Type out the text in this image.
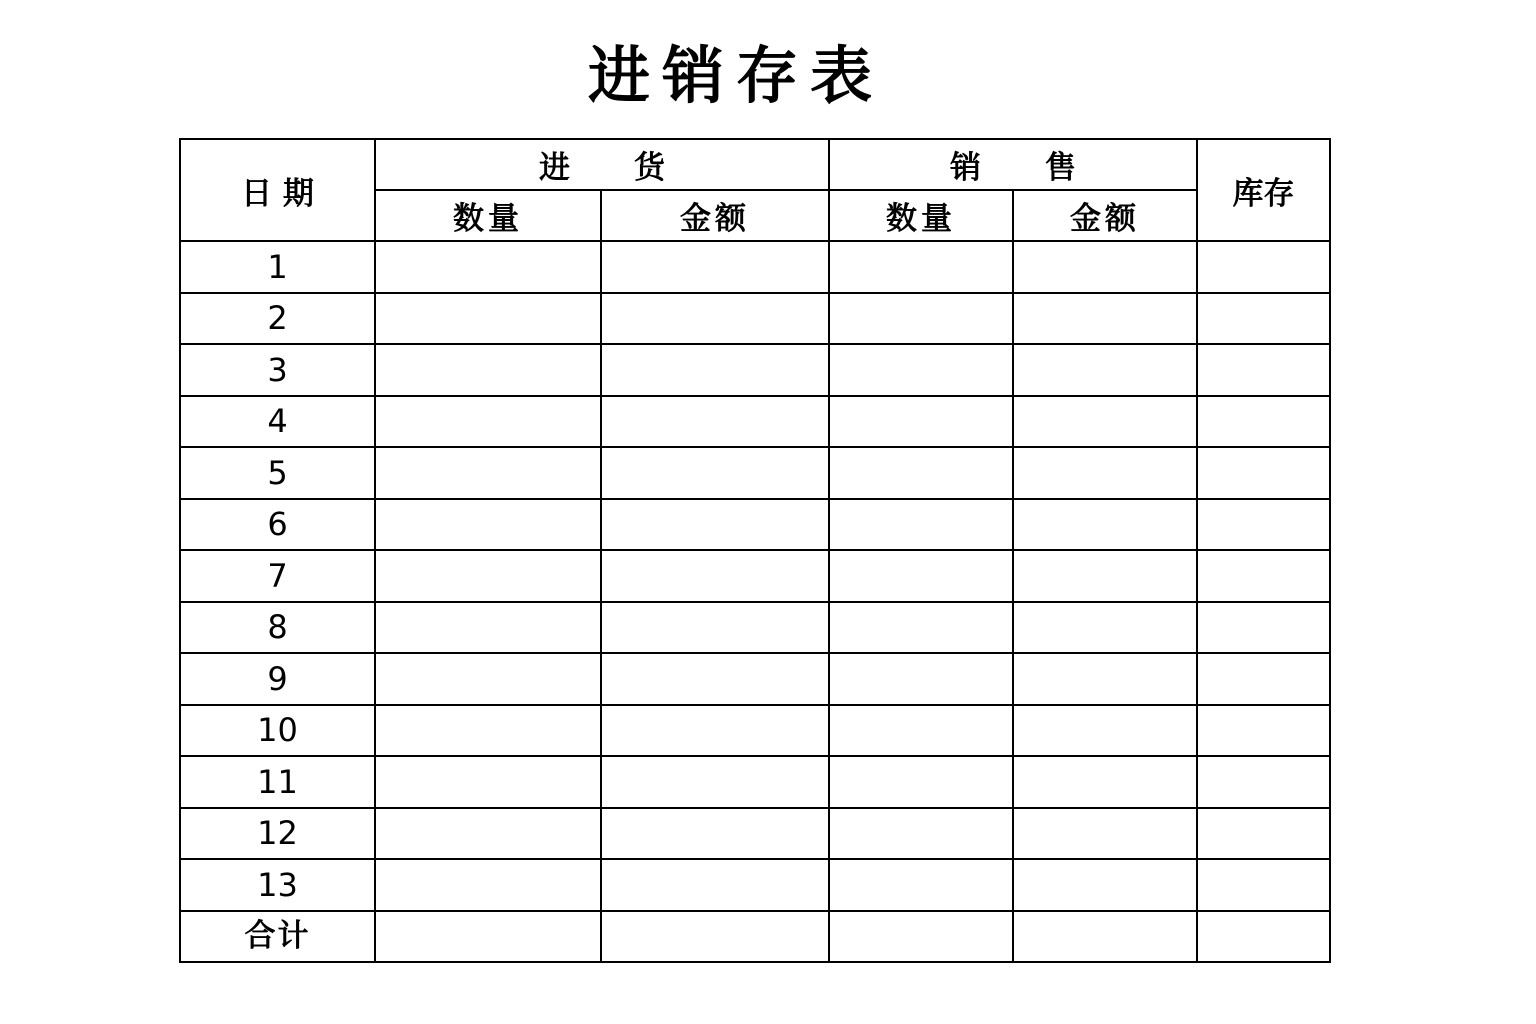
进销存表
日 期	进 货		销 售		库存
	数量	金额	数量	金额	
1					
2					
3					
4					
5					
6					
7					
8					
9					
10					
11					
12					
13					
合计					
